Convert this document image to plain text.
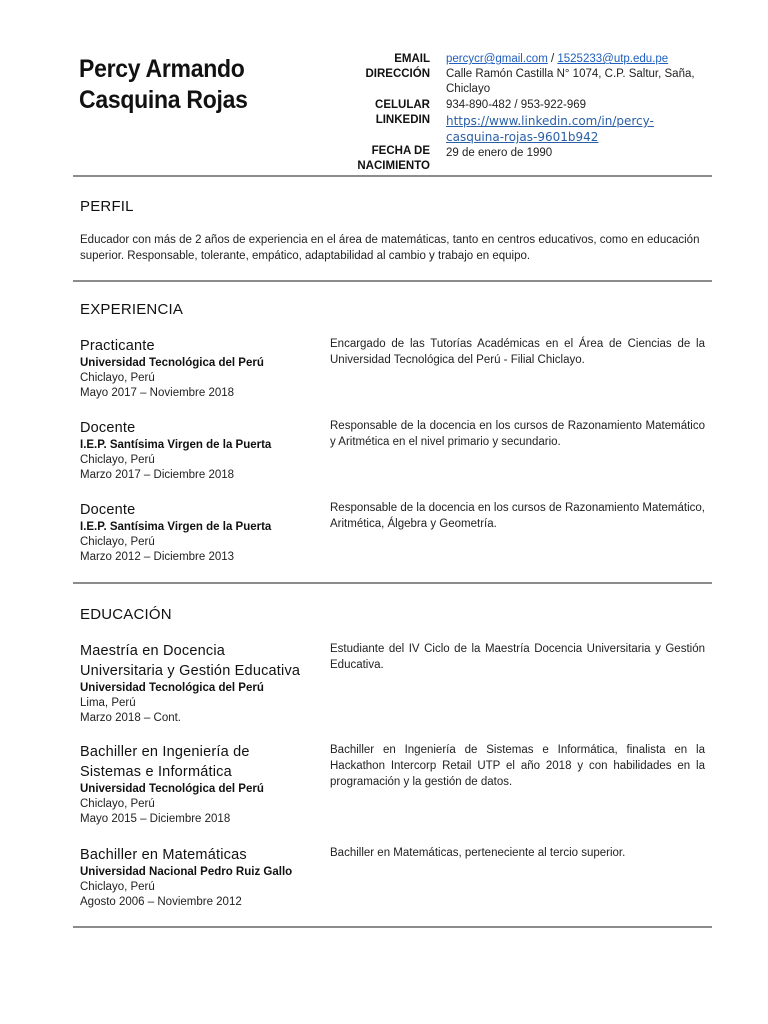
Percy Armando
Casquina Rojas
EMAIL percycr@gmail.com / 1525233@utp.edu.pe
DIRECCIÓN Calle Ramón Castilla N° 1074, C.P. Saltur, Saña,
Chiclayo
CELULAR 934-890-482 / 953-922-969
LINKEDIN https://www.linkedin.com/in/percy-
casquina-rojas-9601b942
FECHA DE
NACIMIENTO
29 de enero de 1990
PERFIL
Educador con más de 2 años de experiencia en el área de matemáticas, tanto en centros educativos, como en educación superior. Responsable, tolerante, empático, adaptabilidad al cambio y trabajo en equipo.
EXPERIENCIA
Practicante
Universidad Tecnológica del Perú
Chiclayo, Perú
Mayo 2017 – Noviembre 2018
Encargado de las Tutorías Académicas en el Área de Ciencias de la Universidad Tecnológica del Perú - Filial Chiclayo.
Docente
I.E.P. Santísima Virgen de la Puerta
Chiclayo, Perú
Marzo 2017 – Diciembre 2018
Responsable de la docencia en los cursos de Razonamiento Matemático y Aritmética en el nivel primario y secundario.
Docente
I.E.P. Santísima Virgen de la Puerta
Chiclayo, Perú
Marzo 2012 – Diciembre 2013
Responsable de la docencia en los cursos de Razonamiento Matemático, Aritmética, Álgebra y Geometría.
EDUCACIÓN
Maestría en Docencia
Universitaria y Gestión Educativa
Universidad Tecnológica del Perú
Lima, Perú
Marzo 2018 – Cont.
Estudiante del IV Ciclo de la Maestría Docencia Universitaria y Gestión Educativa.
Bachiller en Ingeniería de
Sistemas e Informática
Universidad Tecnológica del Perú
Chiclayo, Perú
Mayo 2015 – Diciembre 2018
Bachiller en Ingeniería de Sistemas e Informática, finalista en la Hackathon Intercorp Retail UTP el año 2018 y con habilidades en la programación y la gestión de datos.
Bachiller en Matemáticas
Universidad Nacional Pedro Ruiz Gallo
Chiclayo, Perú
Agosto 2006 – Noviembre 2012
Bachiller en Matemáticas, perteneciente al tercio superior.
